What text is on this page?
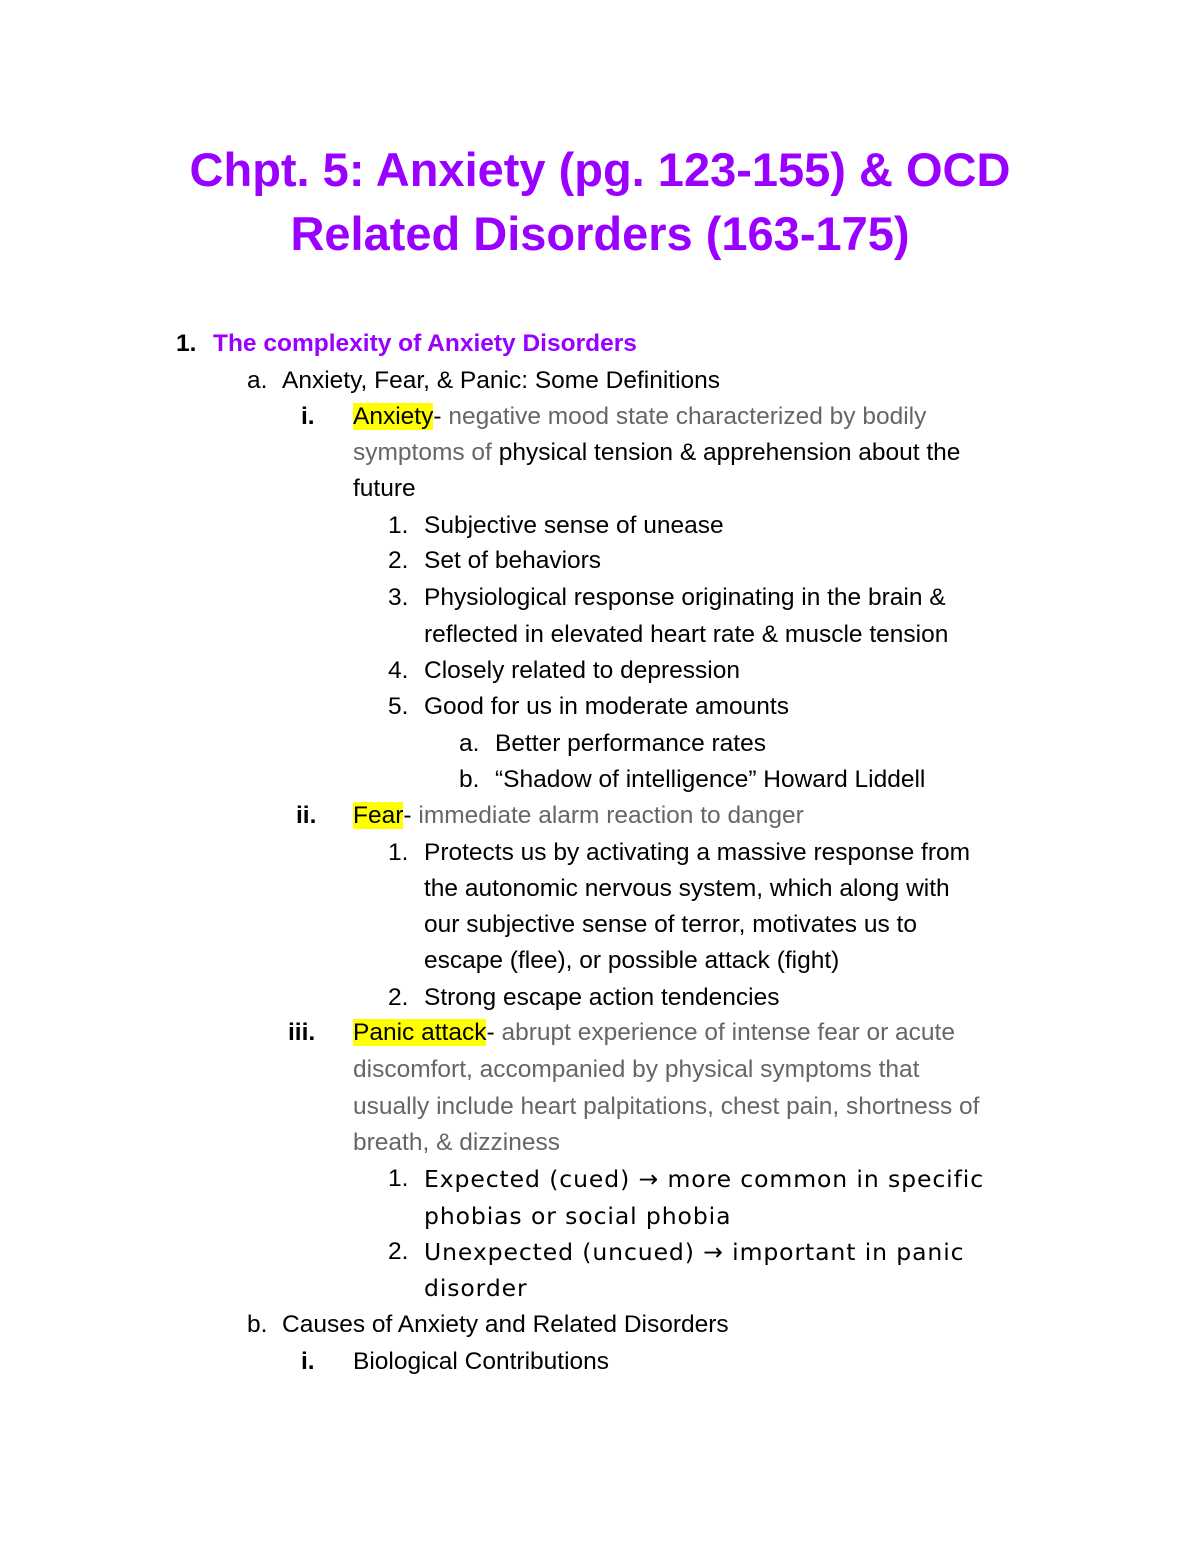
Chpt. 5: Anxiety (pg. 123-155) & OCD
Related Disorders (163-175)
1. The complexity of Anxiety Disorders
a. Anxiety, Fear, & Panic: Some Definitions
i. Anxiety- negative mood state characterized by bodily
symptoms of physical tension & apprehension about the
future
1. Subjective sense of unease
2. Set of behaviors
3. Physiological response originating in the brain &
reflected in elevated heart rate & muscle tension
4. Closely related to depression
5. Good for us in moderate amounts
a. Better performance rates
b. “Shadow of intelligence” Howard Liddell
ii. Fear- immediate alarm reaction to danger
1. Protects us by activating a massive response from
the autonomic nervous system, which along with
our subjective sense of terror, motivates us to
escape (flee), or possible attack (fight)
2. Strong escape action tendencies
iii. Panic attack- abrupt experience of intense fear or acute
discomfort, accompanied by physical symptoms that
usually include heart palpitations, chest pain, shortness of
breath, & dizziness
1. Expected (cued) → more common in specific
phobias or social phobia
2. Unexpected (uncued) → important in panic
disorder
b. Causes of Anxiety and Related Disorders
i. Biological Contributions
